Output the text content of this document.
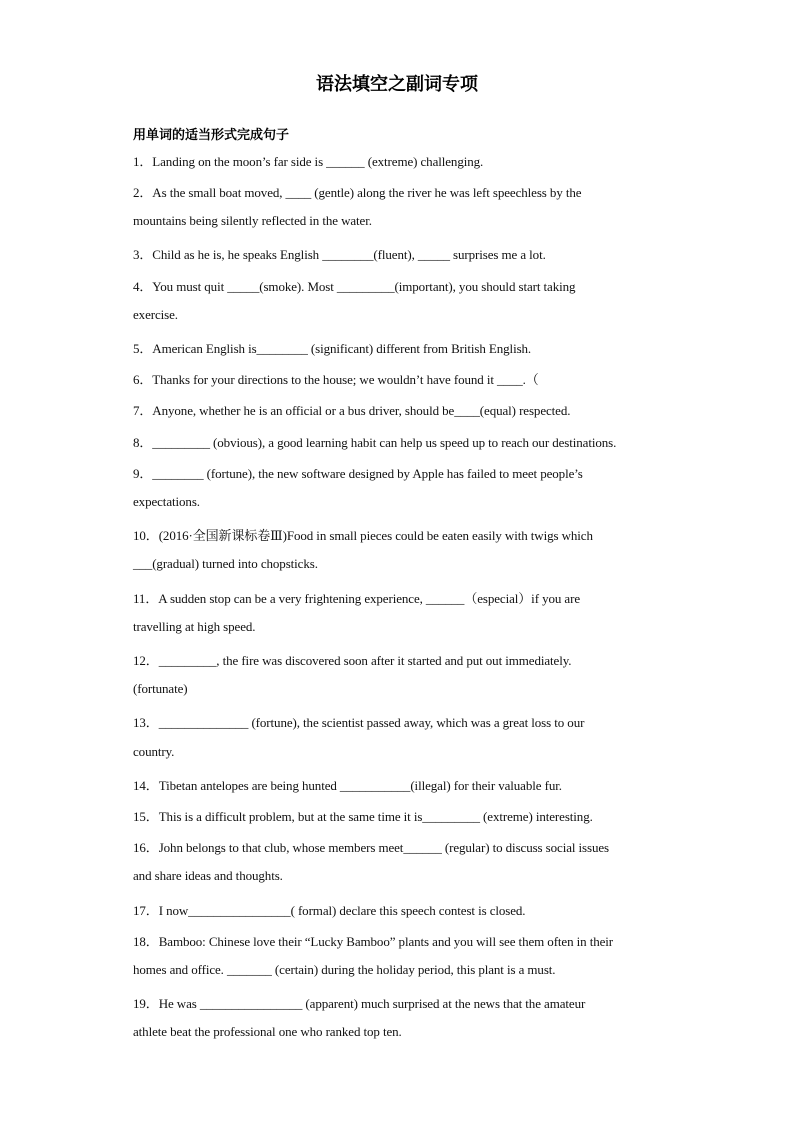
语法填空之副词专项
用单词的适当形式完成句子
1．Landing on the moon’s far side is ______ (extreme) challenging.
2．As the small boat moved, ____ (gentle) along the river he was left speechless by the
mountains being silently reflected in the water.
3．Child as he is, he speaks English ________(fluent), _____ surprises me a lot.
4．You must quit _____(smoke). Most _________(important), you should start taking
exercise.
5．American English is________ (significant) different from British English.
6．Thanks for your directions to the house; we wouldn’t have found it ____.（
7．Anyone, whether he is an official or a bus driver, should be____(equal) respected.
8．_________ (obvious), a good learning habit can help us speed up to reach our destinations.
9．________ (fortune), the new software designed by Apple has failed to meet people’s
expectations.
10．(2016·全国新课标卷Ⅲ)Food in small pieces could be eaten easily with twigs which
___(gradual) turned into chopsticks.
11．A sudden stop can be a very frightening experience, ______（especial）if you are
travelling at high speed.
12．_________, the fire was discovered soon after it started and put out immediately.
(fortunate)
13．______________ (fortune), the scientist passed away, which was a great loss to our
country.
14．Tibetan antelopes are being hunted ___________(illegal) for their valuable fur.
15．This is a difficult problem, but at the same time it is_________ (extreme) interesting.
16．John belongs to that club, whose members meet______ (regular) to discuss social issues
and share ideas and thoughts.
17．I now________________( formal) declare this speech contest is closed.
18．Bamboo: Chinese love their “Lucky Bamboo” plants and you will see them often in their
homes and office. _______ (certain) during the holiday period, this plant is a must.
19．He was ________________ (apparent) much surprised at the news that the amateur
athlete beat the professional one who ranked top ten.
